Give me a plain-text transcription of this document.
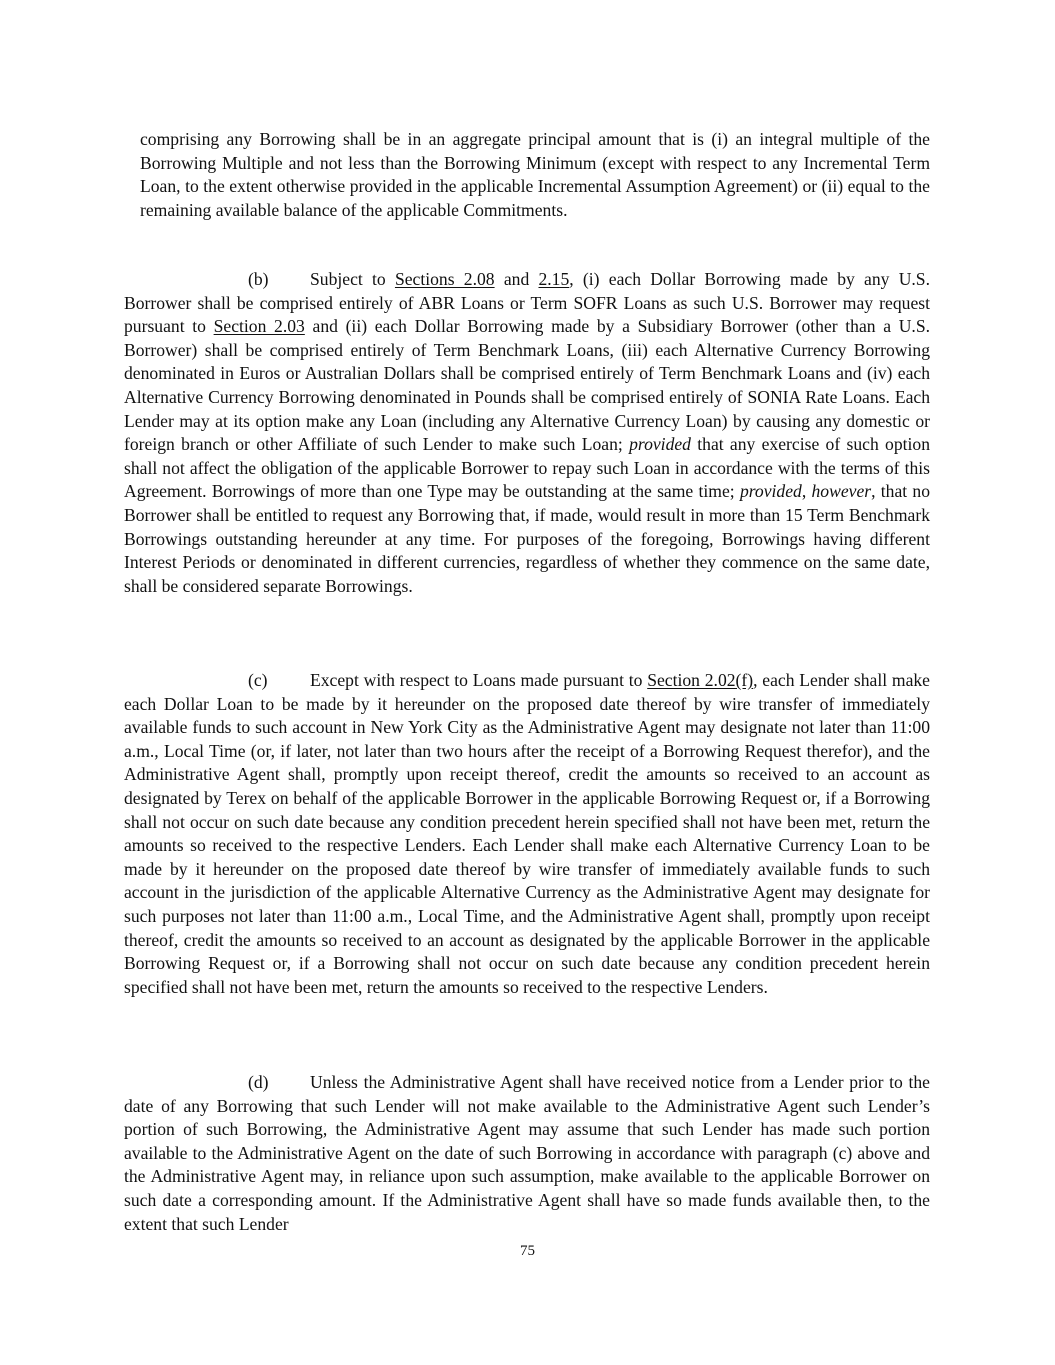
comprising any Borrowing shall be in an aggregate principal amount that is (i) an integral multiple of the Borrowing Multiple and not less than the Borrowing Minimum (except with respect to any Incremental Term Loan, to the extent otherwise provided in the applicable Incremental Assumption Agreement) or (ii) equal to the remaining available balance of the applicable Commitments.

(b) Subject to Sections 2.08 and 2.15, (i) each Dollar Borrowing made by any U.S. Borrower shall be comprised entirely of ABR Loans or Term SOFR Loans as such U.S. Borrower may request pursuant to Section 2.03 and (ii) each Dollar Borrowing made by a Subsidiary Borrower (other than a U.S. Borrower) shall be comprised entirely of Term Benchmark Loans, (iii) each Alternative Currency Borrowing denominated in Euros or Australian Dollars shall be comprised entirely of Term Benchmark Loans and (iv) each Alternative Currency Borrowing denominated in Pounds shall be comprised entirely of SONIA Rate Loans. Each Lender may at its option make any Loan (including any Alternative Currency Loan) by causing any domestic or foreign branch or other Affiliate of such Lender to make such Loan; provided that any exercise of such option shall not affect the obligation of the applicable Borrower to repay such Loan in accordance with the terms of this Agreement. Borrowings of more than one Type may be outstanding at the same time; provided, however, that no Borrower shall be entitled to request any Borrowing that, if made, would result in more than 15 Term Benchmark Borrowings outstanding hereunder at any time. For purposes of the foregoing, Borrowings having different Interest Periods or denominated in different currencies, regardless of whether they commence on the same date, shall be considered separate Borrowings.

(c) Except with respect to Loans made pursuant to Section 2.02(f), each Lender shall make each Dollar Loan to be made by it hereunder on the proposed date thereof by wire transfer of immediately available funds to such account in New York City as the Administrative Agent may designate not later than 11:00 a.m., Local Time (or, if later, not later than two hours after the receipt of a Borrowing Request therefor), and the Administrative Agent shall, promptly upon receipt thereof, credit the amounts so received to an account as designated by Terex on behalf of the applicable Borrower in the applicable Borrowing Request or, if a Borrowing shall not occur on such date because any condition precedent herein specified shall not have been met, return the amounts so received to the respective Lenders. Each Lender shall make each Alternative Currency Loan to be made by it hereunder on the proposed date thereof by wire transfer of immediately available funds to such account in the jurisdiction of the applicable Alternative Currency as the Administrative Agent may designate for such purposes not later than 11:00 a.m., Local Time, and the Administrative Agent shall, promptly upon receipt thereof, credit the amounts so received to an account as designated by the applicable Borrower in the applicable Borrowing Request or, if a Borrowing shall not occur on such date because any condition precedent herein specified shall not have been met, return the amounts so received to the respective Lenders.

(d) Unless the Administrative Agent shall have received notice from a Lender prior to the date of any Borrowing that such Lender will not make available to the Administrative Agent such Lender’s portion of such Borrowing, the Administrative Agent may assume that such Lender has made such portion available to the Administrative Agent on the date of such Borrowing in accordance with paragraph (c) above and the Administrative Agent may, in reliance upon such assumption, make available to the applicable Borrower on such date a corresponding amount. If the Administrative Agent shall have so made funds available then, to the extent that such Lender

75
